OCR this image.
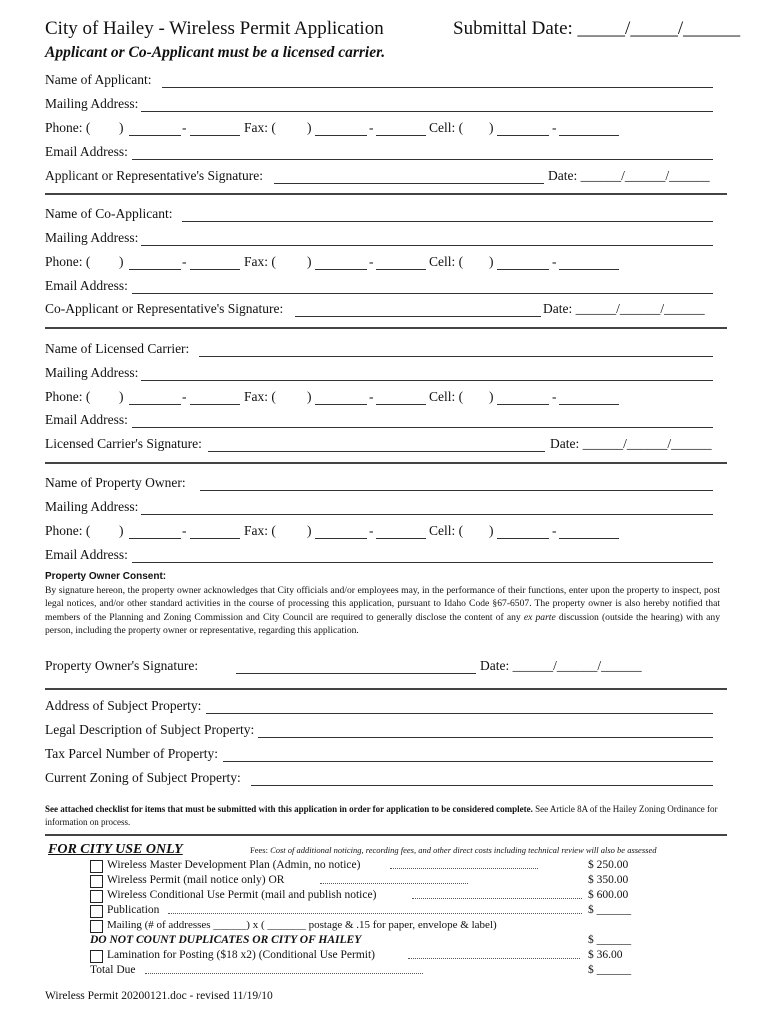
City of Hailey - Wireless Permit Application	Submittal Date: _____/_____/______
Applicant or Co-Applicant must be a licensed carrier.
Name of Applicant:
Mailing Address:
Phone: ( )	-	Fax: ( )	-	Cell: ( )	-
Email Address:
Applicant or Representative's Signature:	Date: ______/______/______
Name of Co-Applicant:
Mailing Address:
Phone: ( )	-	Fax: ( )	-	Cell: ( )	-
Email Address:
Co-Applicant or Representative's Signature:	Date: ______/______/______
Name of Licensed Carrier:
Mailing Address:
Phone: ( )	-	Fax: ( )	-	Cell: ( )	-
Email Address:
Licensed Carrier's Signature:	Date: ______/______/______
Name of Property Owner:
Mailing Address:
Phone: ( )	-	Fax: ( )	-	Cell: ( )	-
Email Address:
Property Owner Consent:
By signature hereon, the property owner acknowledges that City officials and/or employees may, in the performance of their functions, enter upon the property to inspect, post legal notices, and/or other standard activities in the course of processing this application, pursuant to Idaho Code §67-6507. The property owner is also hereby notified that members of the Planning and Zoning Commission and City Council are required to generally disclose the content of any ex parte discussion (outside the hearing) with any person, including the property owner or representative, regarding this application.
Property Owner's Signature:	Date: ______/______/______
Address of Subject Property:
Legal Description of Subject Property:
Tax Parcel Number of Property:
Current Zoning of Subject Property:
See attached checklist for items that must be submitted with this application in order for application to be considered complete. See Article 8A of the Hailey Zoning Ordinance for information on process.
FOR CITY USE ONLY	Fees: Cost of additional noticing, recording fees, and other direct costs including technical review will also be assessed
Wireless Master Development Plan (Admin, no notice)	$ 250.00
Wireless Permit (mail notice only) OR	$ 350.00
Wireless Conditional Use Permit (mail and publish notice)	$ 600.00
Publication	$ ______
Mailing (# of addresses ______) x ( _______ postage & .15 for paper, envelope & label)
DO NOT COUNT DUPLICATES OR CITY OF HAILEY	$ ______
Lamination for Posting ($18 x2) (Conditional Use Permit)	$ 36.00
Total Due	$ ______
Wireless Permit 20200121.doc - revised 11/19/10
